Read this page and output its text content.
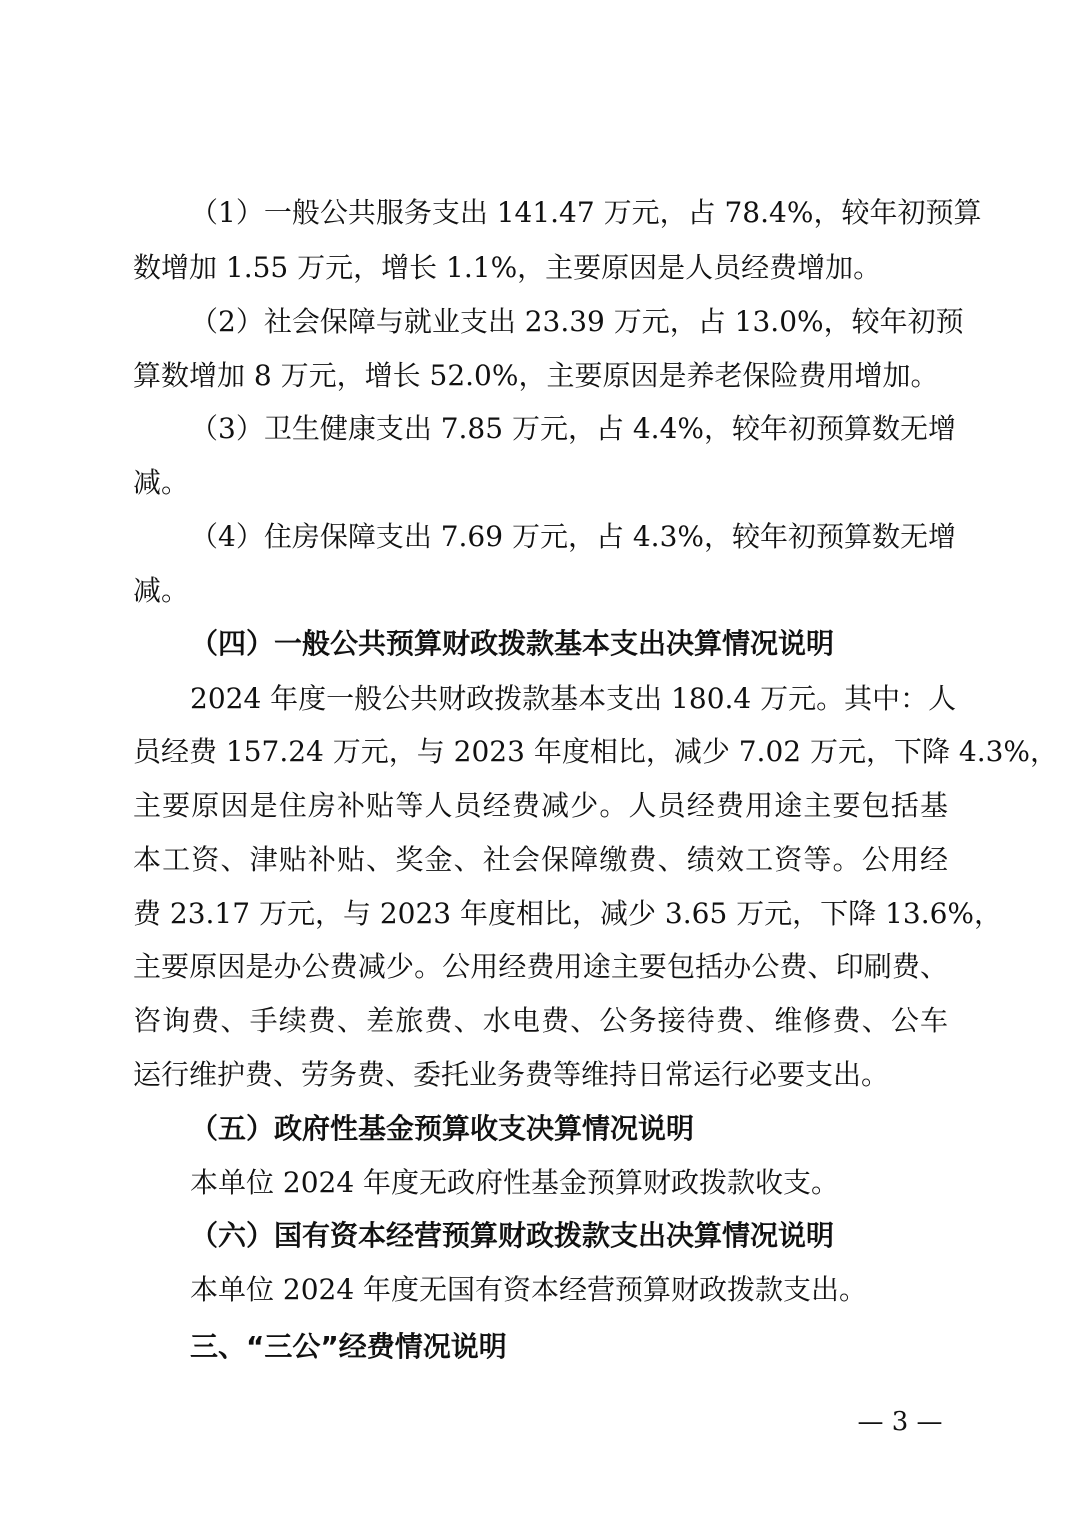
（1）一般公共服务支出 141.47 万元，占 78.4%，较年初预算
数增加 1.55 万元，增长 1.1%，主要原因是人员经费增加。
（2）社会保障与就业支出 23.39 万元，占 13.0%，较年初预
算数增加 8 万元，增长 52.0%，主要原因是养老保险费用增加。
（3）卫生健康支出 7.85 万元，占 4.4%，较年初预算数无增
减。
（4）住房保障支出 7.69 万元，占 4.3%，较年初预算数无增
减。
（四）一般公共预算财政拨款基本支出决算情况说明
2024 年度一般公共财政拨款基本支出 180.4 万元。其中：人
员经费 157.24 万元，与 2023 年度相比，减少 7.02 万元，下降 4.3%，
主要原因是住房补贴等人员经费减少。人员经费用途主要包括基
本工资、津贴补贴、奖金、社会保障缴费、绩效工资等。公用经
费 23.17 万元，与 2023 年度相比，减少 3.65 万元，下降 13.6%，
主要原因是办公费减少。公用经费用途主要包括办公费、印刷费、
咨询费、手续费、差旅费、水电费、公务接待费、维修费、公车
运行维护费、劳务费、委托业务费等维持日常运行必要支出。
（五）政府性基金预算收支决算情况说明
本单位 2024 年度无政府性基金预算财政拨款收支。
（六）国有资本经营预算财政拨款支出决算情况说明
本单位 2024 年度无国有资本经营预算财政拨款支出。
三、“三公”经费情况说明
— 3 —
